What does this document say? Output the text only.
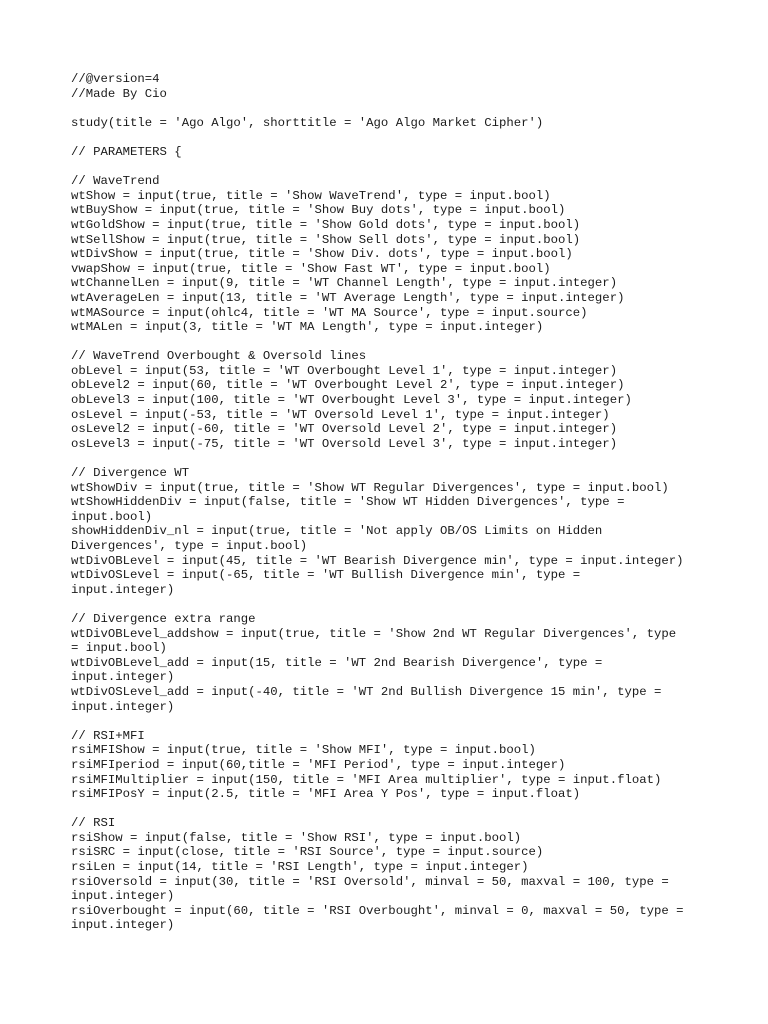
//@version=4
//Made By Cio
study(title = 'Ago Algo', shorttitle = 'Ago Algo Market Cipher')
// PARAMETERS {
// WaveTrend
wtShow = input(true, title = 'Show WaveTrend', type = input.bool)
wtBuyShow = input(true, title = 'Show Buy dots', type = input.bool)
wtGoldShow = input(true, title = 'Show Gold dots', type = input.bool)
wtSellShow = input(true, title = 'Show Sell dots', type = input.bool)
wtDivShow = input(true, title = 'Show Div. dots', type = input.bool)
vwapShow = input(true, title = 'Show Fast WT', type = input.bool)
wtChannelLen = input(9, title = 'WT Channel Length', type = input.integer)
wtAverageLen = input(13, title = 'WT Average Length', type = input.integer)
wtMASource = input(ohlc4, title = 'WT MA Source', type = input.source)
wtMALen = input(3, title = 'WT MA Length', type = input.integer)
// WaveTrend Overbought & Oversold lines
obLevel = input(53, title = 'WT Overbought Level 1', type = input.integer)
obLevel2 = input(60, title = 'WT Overbought Level 2', type = input.integer)
obLevel3 = input(100, title = 'WT Overbought Level 3', type = input.integer)
osLevel = input(-53, title = 'WT Oversold Level 1', type = input.integer)
osLevel2 = input(-60, title = 'WT Oversold Level 2', type = input.integer)
osLevel3 = input(-75, title = 'WT Oversold Level 3', type = input.integer)
// Divergence WT
wtShowDiv = input(true, title = 'Show WT Regular Divergences', type = input.bool)
wtShowHiddenDiv = input(false, title = 'Show WT Hidden Divergences', type =
input.bool)
showHiddenDiv_nl = input(true, title = 'Not apply OB/OS Limits on Hidden
Divergences', type = input.bool)
wtDivOBLevel = input(45, title = 'WT Bearish Divergence min', type = input.integer)
wtDivOSLevel = input(-65, title = 'WT Bullish Divergence min', type =
input.integer)
// Divergence extra range
wtDivOBLevel_addshow = input(true, title = 'Show 2nd WT Regular Divergences', type
= input.bool)
wtDivOBLevel_add = input(15, title = 'WT 2nd Bearish Divergence', type =
input.integer)
wtDivOSLevel_add = input(-40, title = 'WT 2nd Bullish Divergence 15 min', type =
input.integer)
// RSI+MFI
rsiMFIShow = input(true, title = 'Show MFI', type = input.bool)
rsiMFIperiod = input(60,title = 'MFI Period', type = input.integer)
rsiMFIMultiplier = input(150, title = 'MFI Area multiplier', type = input.float)
rsiMFIPosY = input(2.5, title = 'MFI Area Y Pos', type = input.float)
// RSI
rsiShow = input(false, title = 'Show RSI', type = input.bool)
rsiSRC = input(close, title = 'RSI Source', type = input.source)
rsiLen = input(14, title = 'RSI Length', type = input.integer)
rsiOversold = input(30, title = 'RSI Oversold', minval = 50, maxval = 100, type =
input.integer)
rsiOverbought = input(60, title = 'RSI Overbought', minval = 0, maxval = 50, type =
input.integer)
